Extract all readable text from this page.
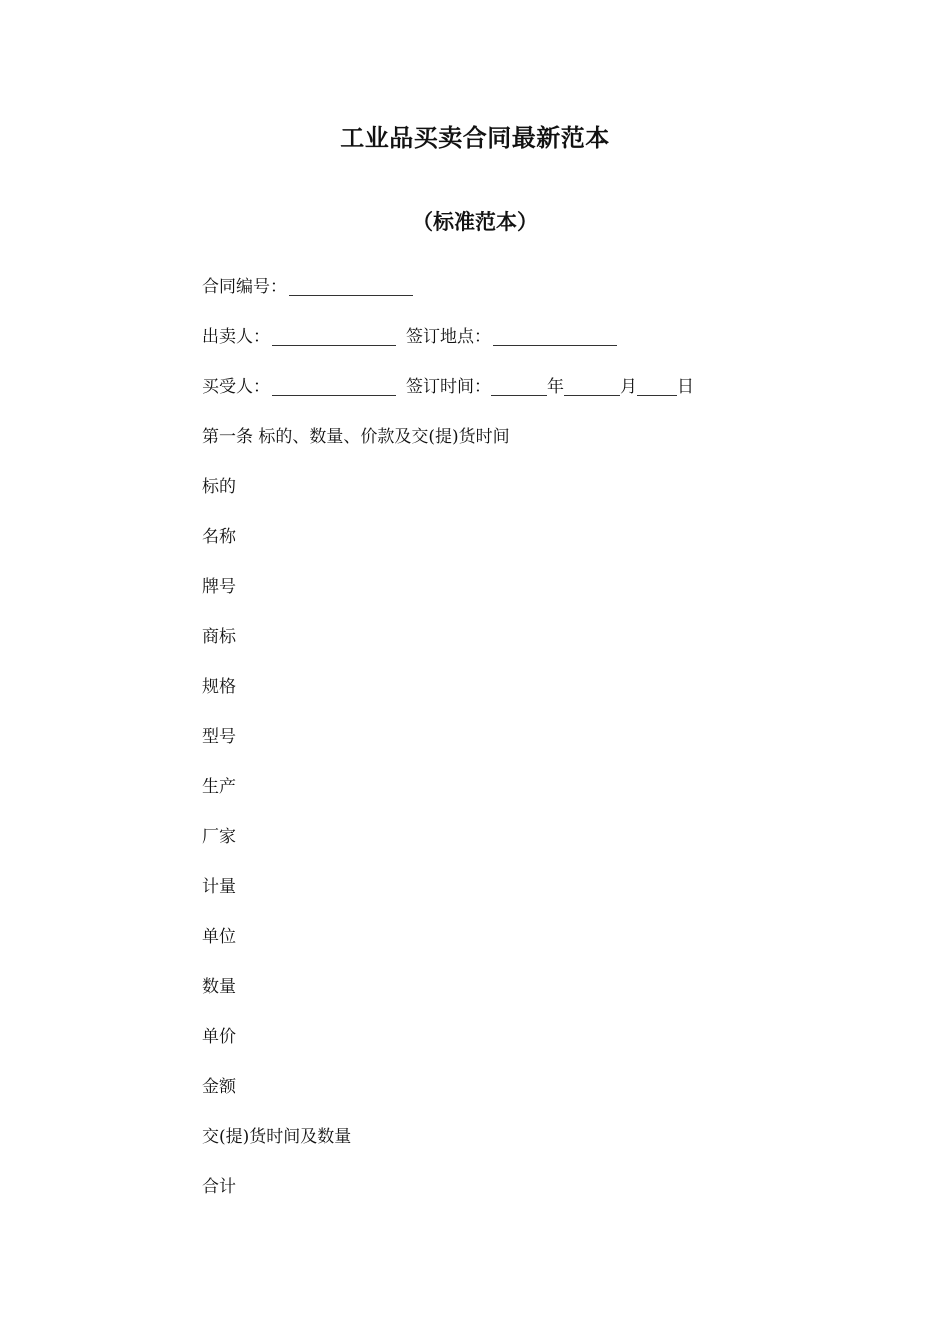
工业品买卖合同最新范本
（标准范本）
合同编号：
出卖人：	签订地点：
买受人：	签订时间：	年	月 日
第一条 标的、数量、价款及交(提)货时间
标的
名称
牌号
商标
规格
型号
生产
厂家
计量
单位
数量
单价
金额
交(提)货时间及数量
合计
